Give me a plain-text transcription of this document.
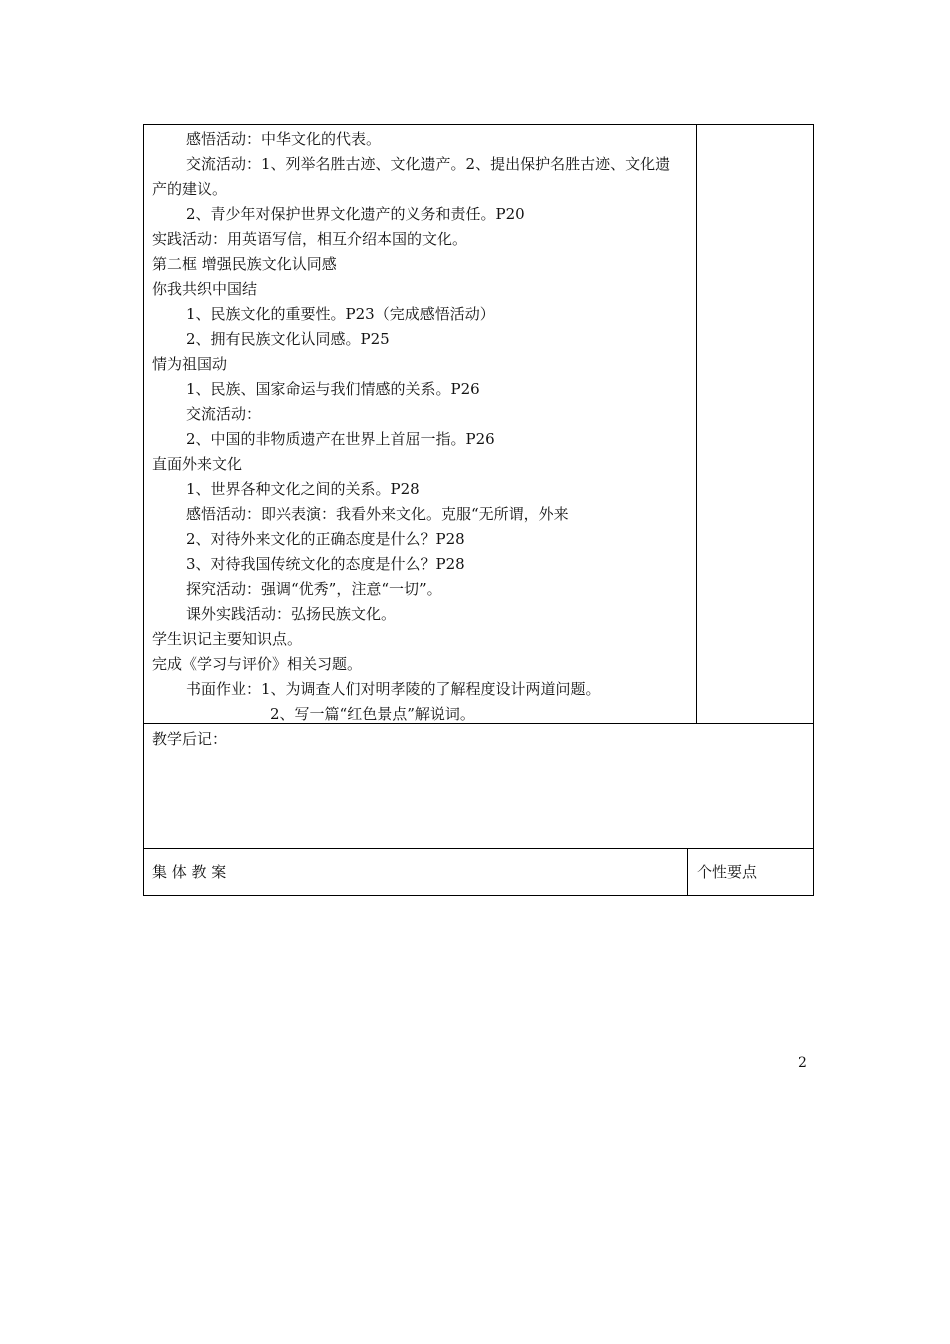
感悟活动：中华文化的代表。
交流活动：1、列举名胜古迹、文化遗产。2、提出保护名胜古迹、文化遗
产的建议。
2、青少年对保护世界文化遗产的义务和责任。P20
实践活动：用英语写信，相互介绍本国的文化。
第二框 增强民族文化认同感
你我共织中国结
1、民族文化的重要性。P23（完成感悟活动）
2、拥有民族文化认同感。P25
情为祖国动
1、民族、国家命运与我们情感的关系。P26
交流活动：
2、中国的非物质遗产在世界上首屈一指。P26
直面外来文化
1、世界各种文化之间的关系。P28
感悟活动：即兴表演：我看外来文化。克服“无所谓，外来
2、对待外来文化的正确态度是什么？P28
3、对待我国传统文化的态度是什么？P28
探究活动：强调“优秀”，注意“一切”。
课外实践活动：弘扬民族文化。
学生识记主要知识点。
完成《学习与评价》相关习题。
书面作业：1、为调查人们对明孝陵的了解程度设计两道问题。
2、写一篇“红色景点”解说词。
教学后记：
集 体 教 案	个性要点
2
